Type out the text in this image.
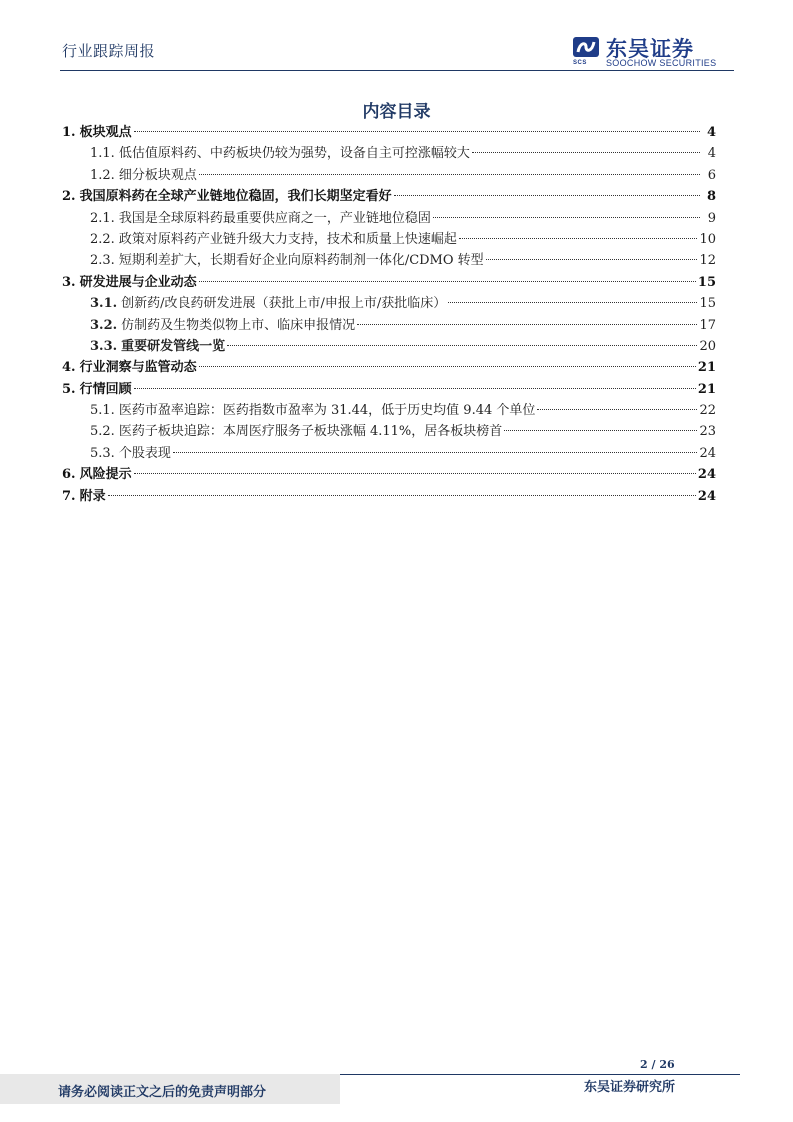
行业跟踪周报
SCS
东吴证券
SOOCHOW SECURITIES
内容目录
1. 板块观点	4
1.1. 低估值原料药、中药板块仍较为强势，设备自主可控涨幅较大	4
1.2. 细分板块观点	6
2. 我国原料药在全球产业链地位稳固，我们长期坚定看好	8
2.1. 我国是全球原料药最重要供应商之一，产业链地位稳固	9
2.2. 政策对原料药产业链升级大力支持，技术和质量上快速崛起	10
2.3. 短期利差扩大，长期看好企业向原料药制剂一体化/CDMO 转型	12
3. 研发进展与企业动态	15
3.1. 创新药/改良药研发进展（获批上市/申报上市/获批临床）	15
3.2. 仿制药及生物类似物上市、临床申报情况	17
3.3. 重要研发管线一览	20
4. 行业洞察与监管动态	21
5. 行情回顾	21
5.1. 医药市盈率追踪：医药指数市盈率为 31.44，低于历史均值 9.44 个单位	22
5.2. 医药子板块追踪：本周医疗服务子板块涨幅 4.11%，居各板块榜首	23
5.3. 个股表现	24
6. 风险提示	24
7. 附录	24
请务必阅读正文之后的免责声明部分
2 / 26
东吴证券研究所
